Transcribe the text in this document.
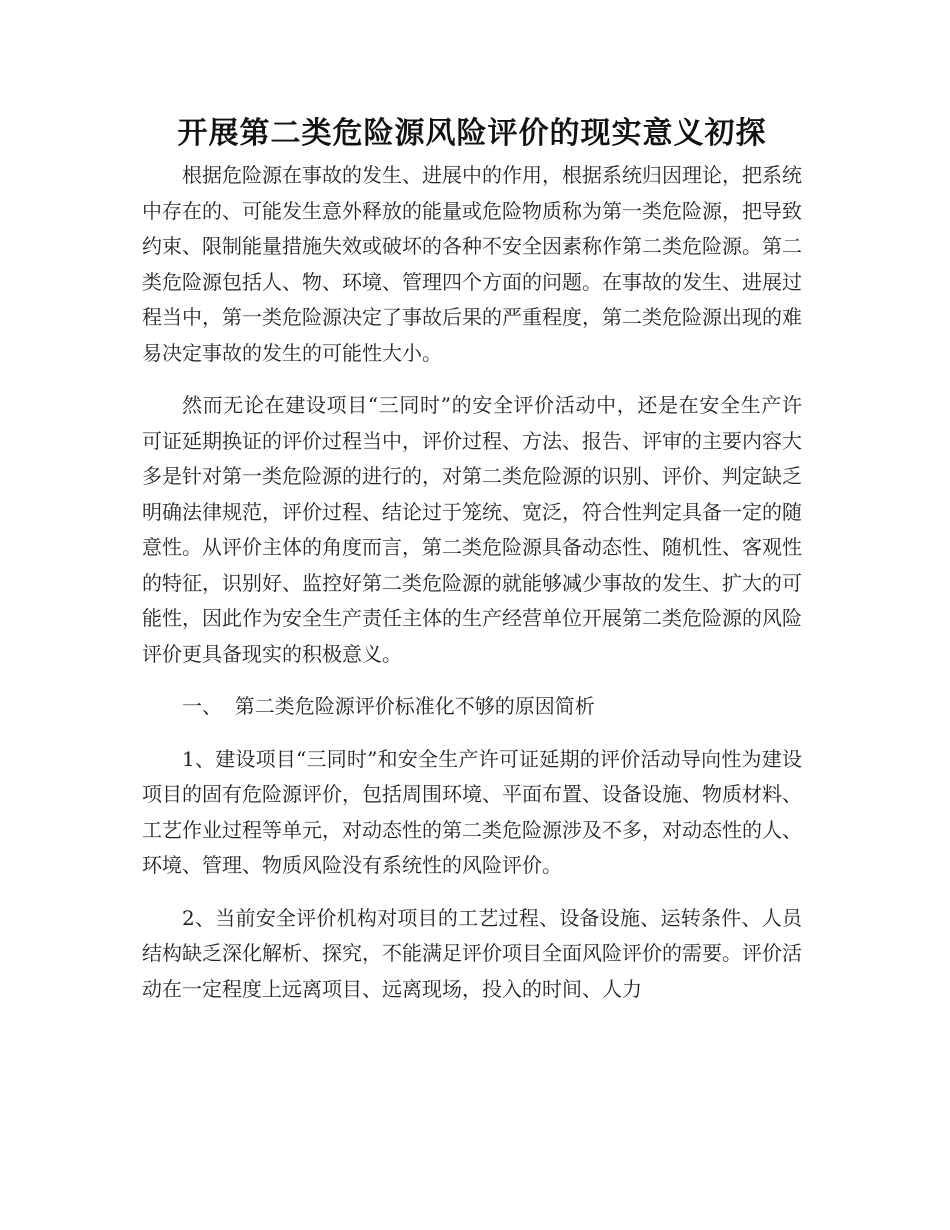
开展第二类危险源风险评价的现实意义初探

根据危险源在事故的发生、进展中的作用，根据系统归因理论，把系统中存在的、可能发生意外释放的能量或危险物质称为第一类危险源，把导致约束、限制能量措施失效或破坏的各种不安全因素称作第二类危险源。第二类危险源包括人、物、环境、管理四个方面的问题。在事故的发生、进展过程当中，第一类危险源决定了事故后果的严重程度，第二类危险源出现的难易决定事故的发生的可能性大小。

然而无论在建设项目“三同时”的安全评价活动中，还是在安全生产许可证延期换证的评价过程当中，评价过程、方法、报告、评审的主要内容大多是针对第一类危险源的进行的，对第二类危险源的识别、评价、判定缺乏明确法律规范，评价过程、结论过于笼统、宽泛，符合性判定具备一定的随意性。从评价主体的角度而言，第二类危险源具备动态性、随机性、客观性的特征，识别好、监控好第二类危险源的就能够减少事故的发生、扩大的可能性，因此作为安全生产责任主体的生产经营单位开展第二类危险源的风险评价更具备现实的积极意义。

一、  第二类危险源评价标准化不够的原因简析

1、建设项目“三同时”和安全生产许可证延期的评价活动导向性为建设项目的固有危险源评价，包括周围环境、平面布置、设备设施、物质材料、工艺作业过程等单元，对动态性的第二类危险源涉及不多，对动态性的人、环境、管理、物质风险没有系统性的风险评价。

2、当前安全评价机构对项目的工艺过程、设备设施、运转条件、人员结构缺乏深化解析、探究，不能满足评价项目全面风险评价的需要。评价活动在一定程度上远离项目、远离现场，投入的时间、人力
